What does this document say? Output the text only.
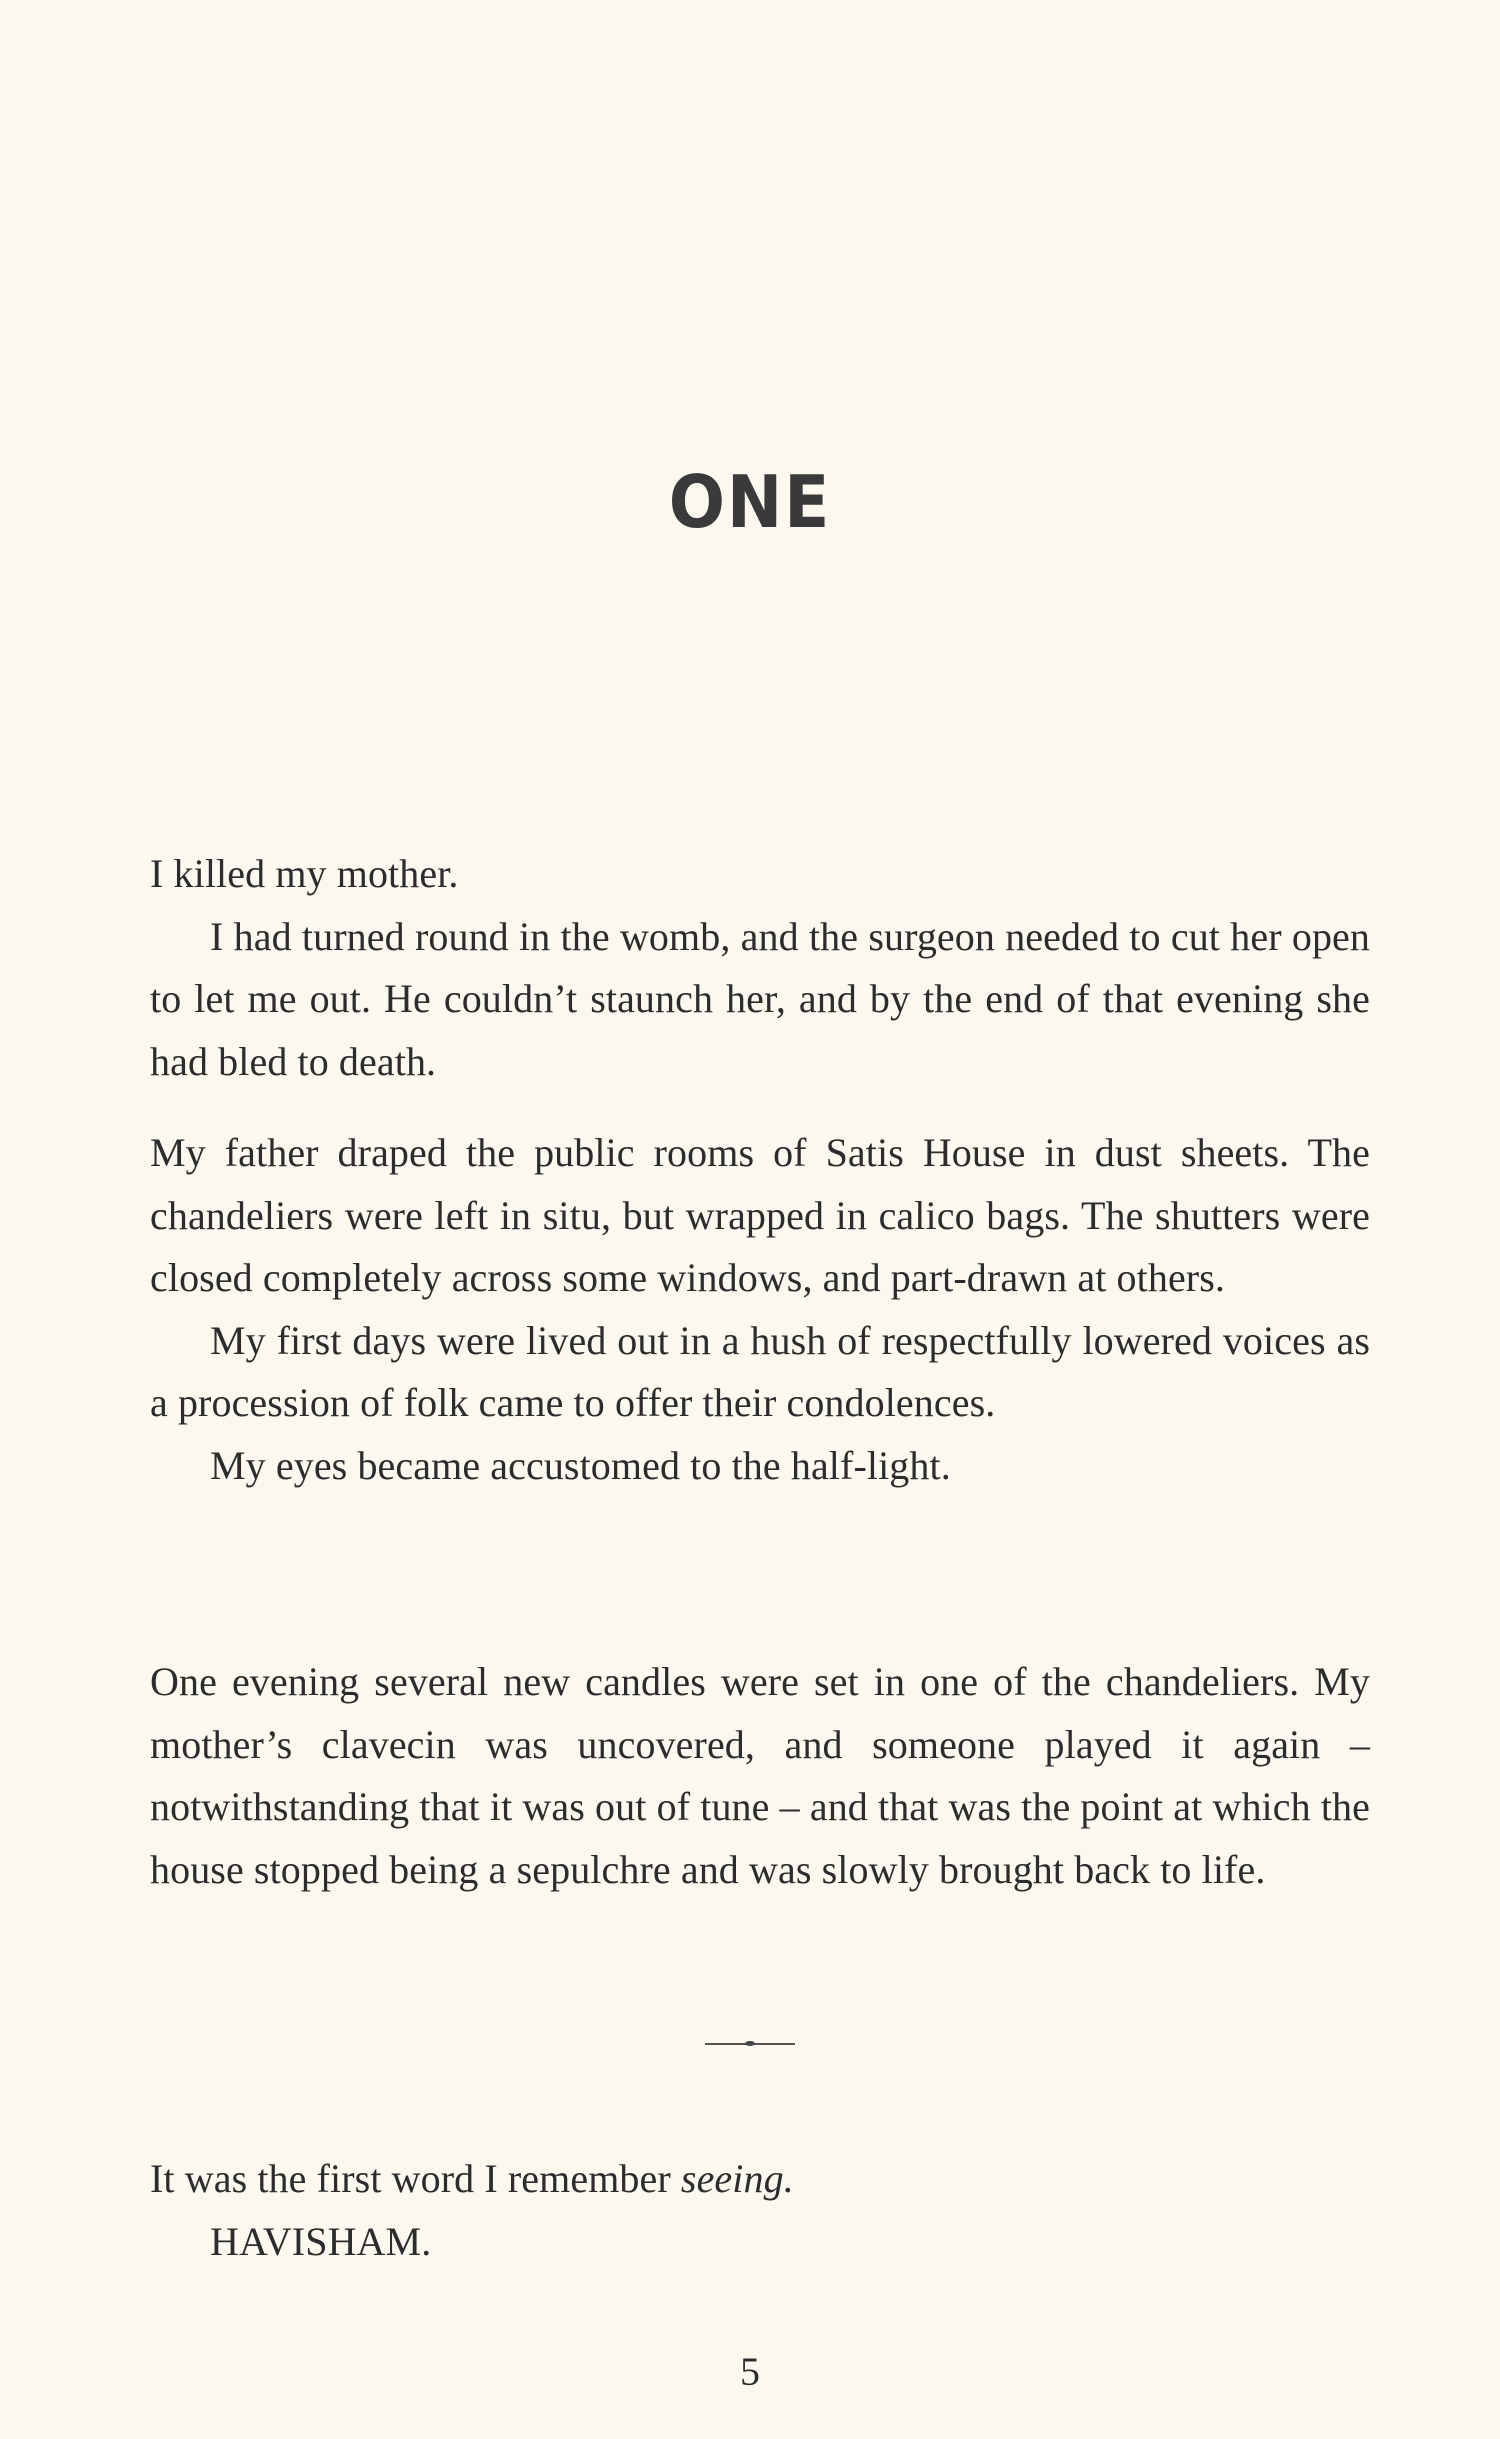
ONE

I killed my mother.

I had turned round in the womb, and the surgeon needed to cut her open to let me out. He couldn’t staunch her, and by the end of that evening she had bled to death.

My father draped the public rooms of Satis House in dust sheets. The chandeliers were left in situ, but wrapped in calico bags. The shutters were closed completely across some windows, and part-drawn at others.

My first days were lived out in a hush of respectfully lowered voices as a procession of folk came to offer their condolences.

My eyes became accustomed to the half-light.

One evening several new candles were set in one of the chandeliers. My mother’s clavecin was uncovered, and someone played it again – notwithstanding that it was out of tune – and that was the point at which the house stopped being a sepulchre and was slowly brought back to life.

It was the first word I remember seeing.

HAVISHAM.

5
